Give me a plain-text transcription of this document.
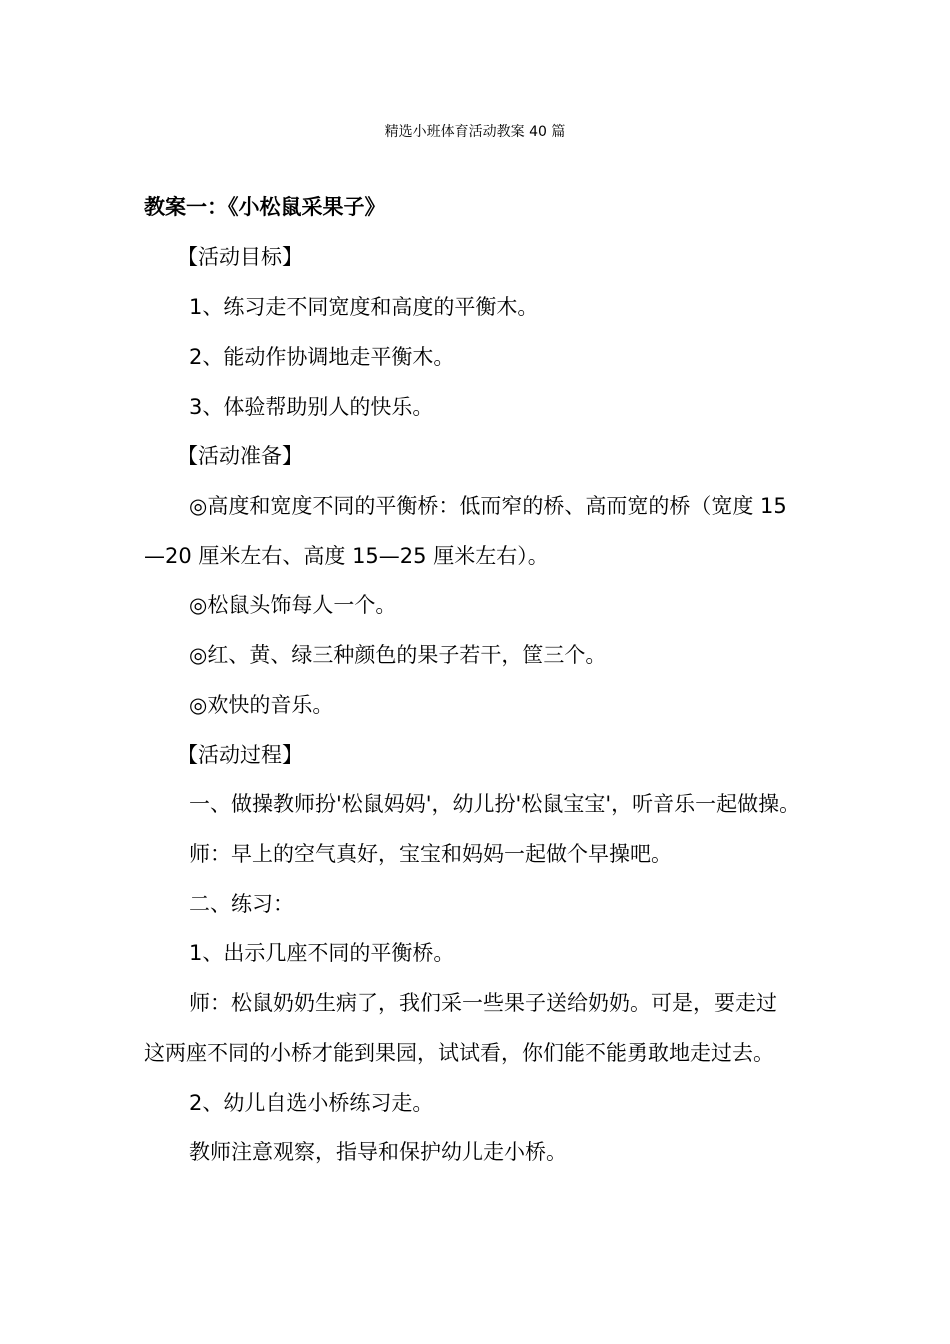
精选小班体育活动教案 40 篇
教案一：《小松鼠采果子》
【活动目标】
1、练习走不同宽度和高度的平衡木。
2、能动作协调地走平衡木。
3、体验帮助别人的快乐。
【活动准备】
◎高度和宽度不同的平衡桥：低而窄的桥、高而宽的桥（宽度 15
—20 厘米左右、高度 15—25 厘米左右）。
◎松鼠头饰每人一个。
◎红、黄、绿三种颜色的果子若干，筐三个。
◎欢快的音乐。
【活动过程】
一、做操教师扮'松鼠妈妈'，幼儿扮'松鼠宝宝'，听音乐一起做操。
师：早上的空气真好，宝宝和妈妈一起做个早操吧。
二、练习：
1、出示几座不同的平衡桥。
师：松鼠奶奶生病了，我们采一些果子送给奶奶。可是，要走过
这两座不同的小桥才能到果园，试试看，你们能不能勇敢地走过去。
2、幼儿自选小桥练习走。
教师注意观察，指导和保护幼儿走小桥。
